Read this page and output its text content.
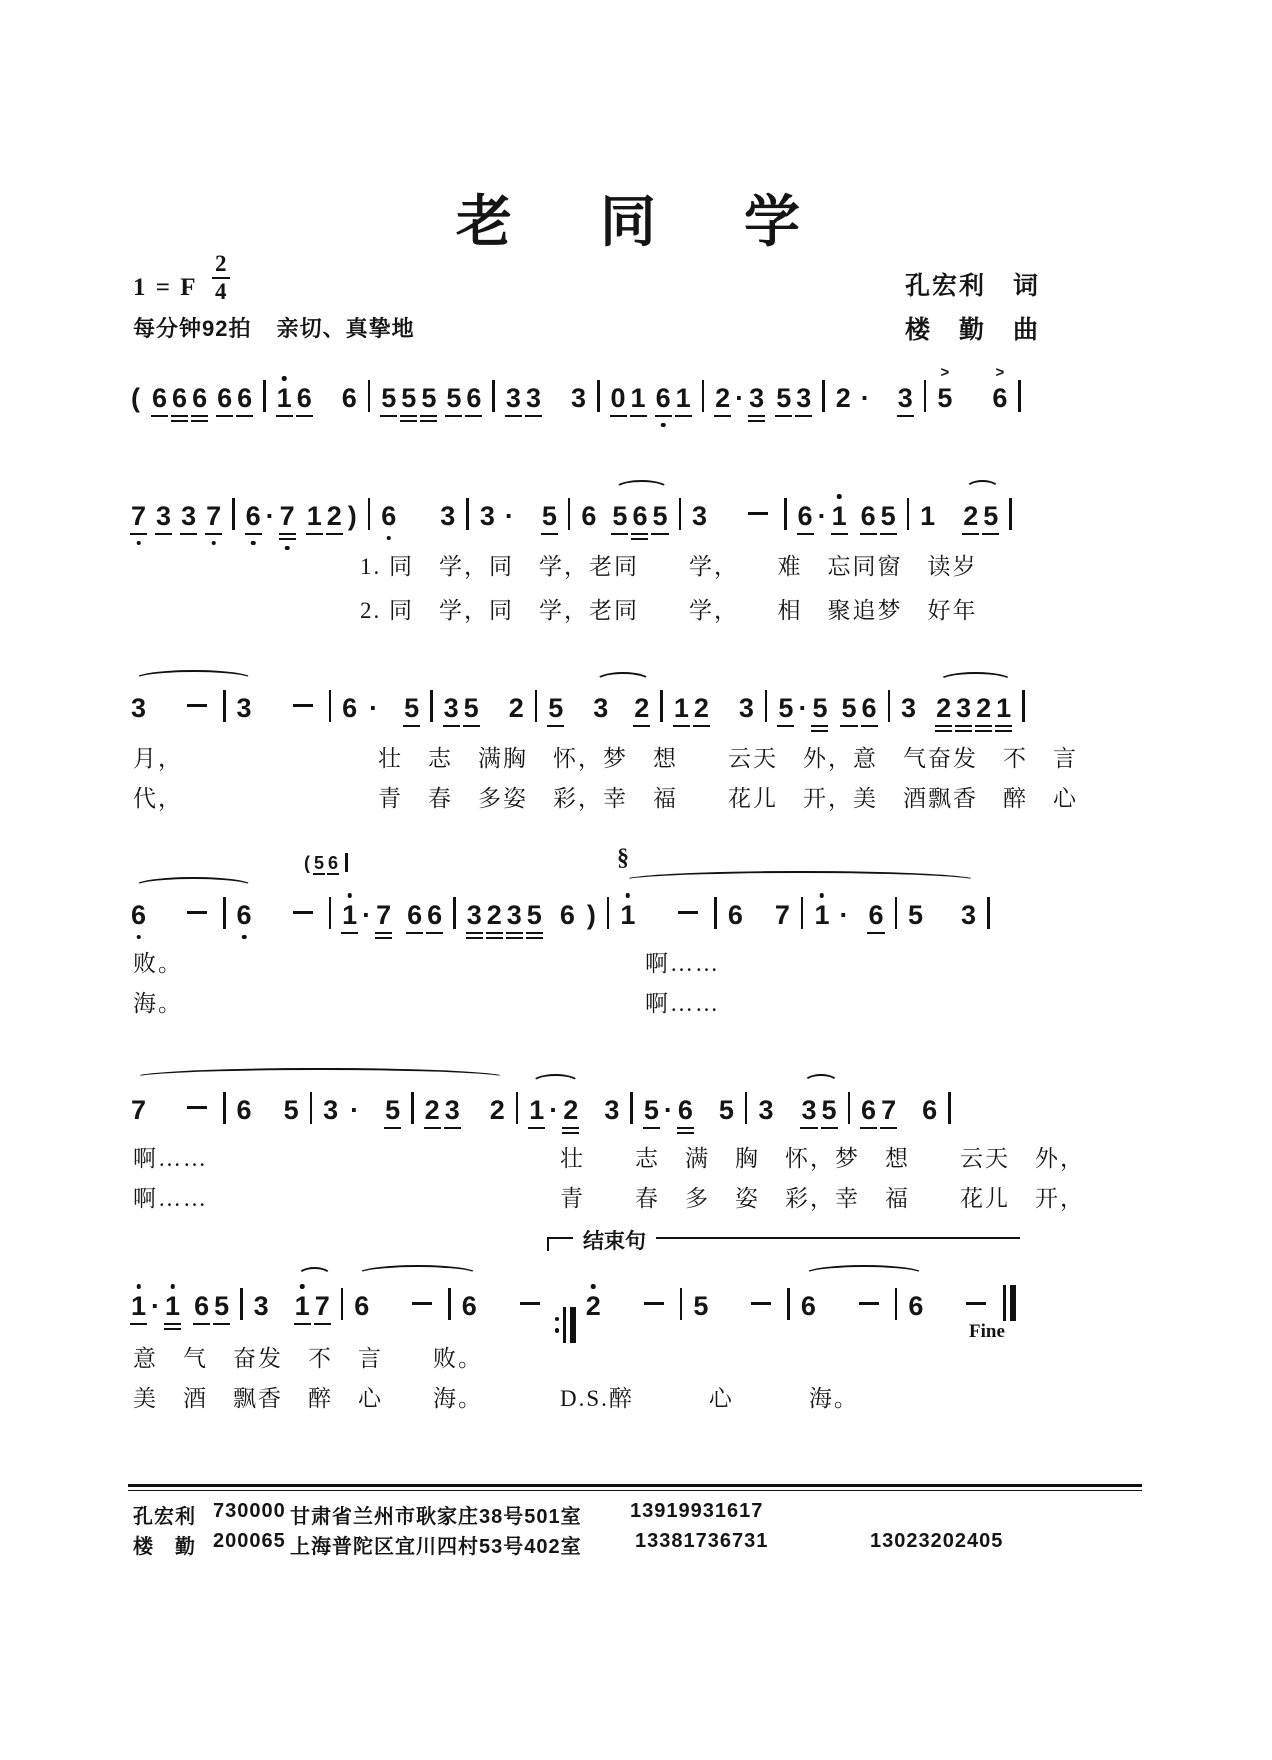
老　同　学
1 = F $\frac{2}{4}$
每分钟92拍 亲切、真挚地
孔宏利　词
楼　勤　曲
( 6 6 6 6 6 1 6 6 5 5 5 5 6 3 3 3 0 1 6 1 2 · 3 5 3 2 · 3 5
>
6
>
7 3 3 7 6 · 7 1 2 ) 6 3 3 · 5 6 5 6 5 3	6 · 1 6 5 1 2 5
3	3	6 · 5 3 5 2 5 3 2 1 2 3 5 · 5 5 6 3 2 3 2 1
6	6	1 · 7 6 6 3 2 3 5 6 ) 1	6 7 1 · 6 5 3
( 5 6	§
7	6 5 3 · 5 2 3 2 1 · 2 3 5 · 6 5 3 3 5 6 7 6
1 · 1 6 5 3 1 7 6	6	2	5	6	6
结束句
Fine
1. 同　学，同　学，老同　　学，　　难　忘同窗　读岁
2. 同　学，同　学，老同　　学，　　相　聚追梦　好年
月，	壮　志　满胸　怀，梦　想　　云天　外，意　气奋发　不　言
代，	青　春　多姿　彩，幸　福　　花儿　开，美　酒飘香　醉　心
败。	啊……
海。	啊……
啊……	壮　　志　满　胸　怀，梦　想　　云天　外，
啊……	青　　春　多　姿　彩，幸　福　　花儿　开，
意　气　奋发　不　言　　败。
美　酒　飘香　醉　心　　海。	D.S.醉　　　心　　　海。
孔宏利 730000 甘肃省兰州市耿家庄38号501室 13919931617
楼　勤 200065 上海普陀区宜川四村53号402室	13381736731	13023202405
